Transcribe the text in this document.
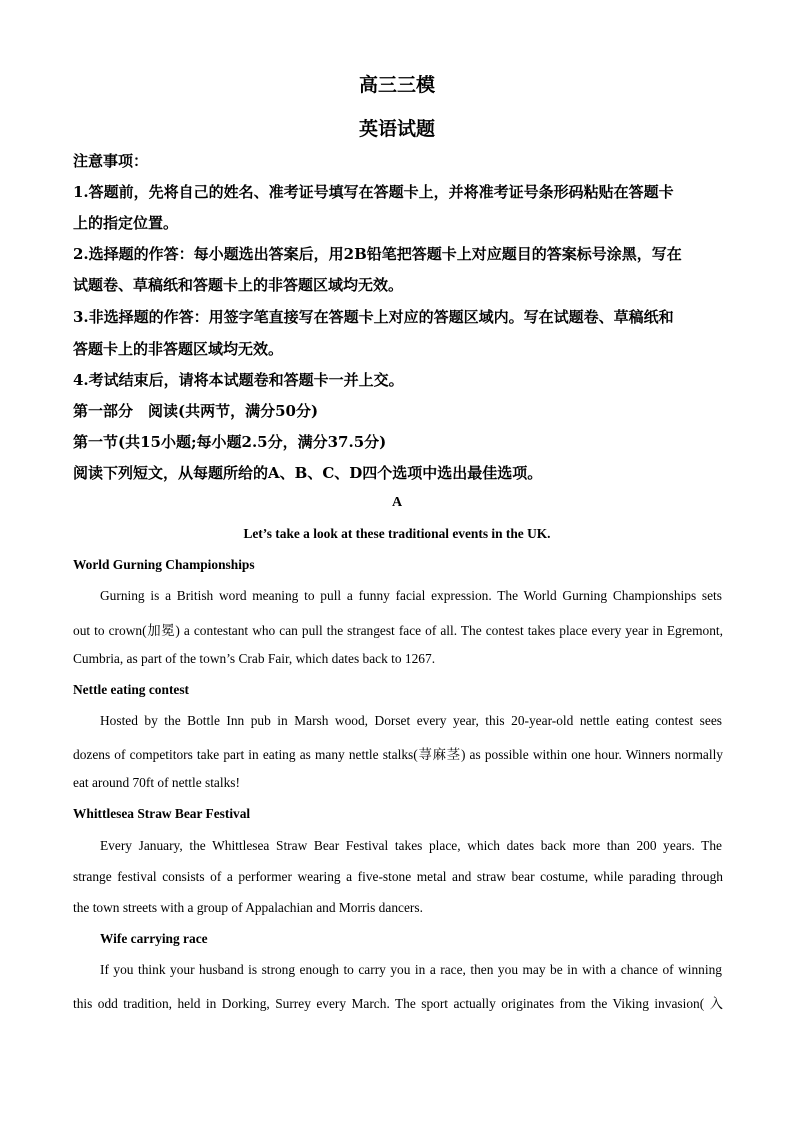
高三三模
英语试题
注意事项：
1.答题前，先将自己的姓名、准考证号填写在答题卡上，并将准考证号条形码粘贴在答题卡
上的指定位置。
2.选择题的作答：每小题选出答案后，用2B铅笔把答题卡上对应题目的答案标号涂黑，写在
试题卷、草稿纸和答题卡上的非答题区域均无效。
3.非选择题的作答：用签字笔直接写在答题卡上对应的答题区域内。写在试题卷、草稿纸和
答题卡上的非答题区域均无效。
4.考试结束后，请将本试题卷和答题卡一并上交。
第一部分　阅读(共两节，满分50分)
第一节(共15小题;每小题2.5分，满分37.5分)
阅读下列短文，从每题所给的A、B、C、D四个选项中选出最佳选项。
A
Let’s take a look at these traditional events in the UK.
World Gurning Championships
Gurning is a British word meaning to pull a funny facial expression. The World Gurning Championships sets
out to crown(加冕) a contestant who can pull the strangest face of all. The contest takes place every year in Egremont,
Cumbria, as part of the town’s Crab Fair, which dates back to 1267.
Nettle eating contest
Hosted by the Bottle Inn pub in Marsh wood, Dorset every year, this 20-year-old nettle eating contest sees
dozens of competitors take part in eating as many nettle stalks(荨麻茎) as possible within one hour. Winners normally
eat around 70ft of nettle stalks!
Whittlesea Straw Bear Festival
Every January, the Whittlesea Straw Bear Festival takes place, which dates back more than 200 years. The
strange festival consists of a performer wearing a five-stone metal and straw bear costume, while parading through
the town streets with a group of Appalachian and Morris dancers.
Wife carrying race
If you think your husband is strong enough to carry you in a race, then you may be in with a chance of winning
this odd tradition, held in Dorking, Surrey every March. The sport actually originates from the Viking invasion( 入
